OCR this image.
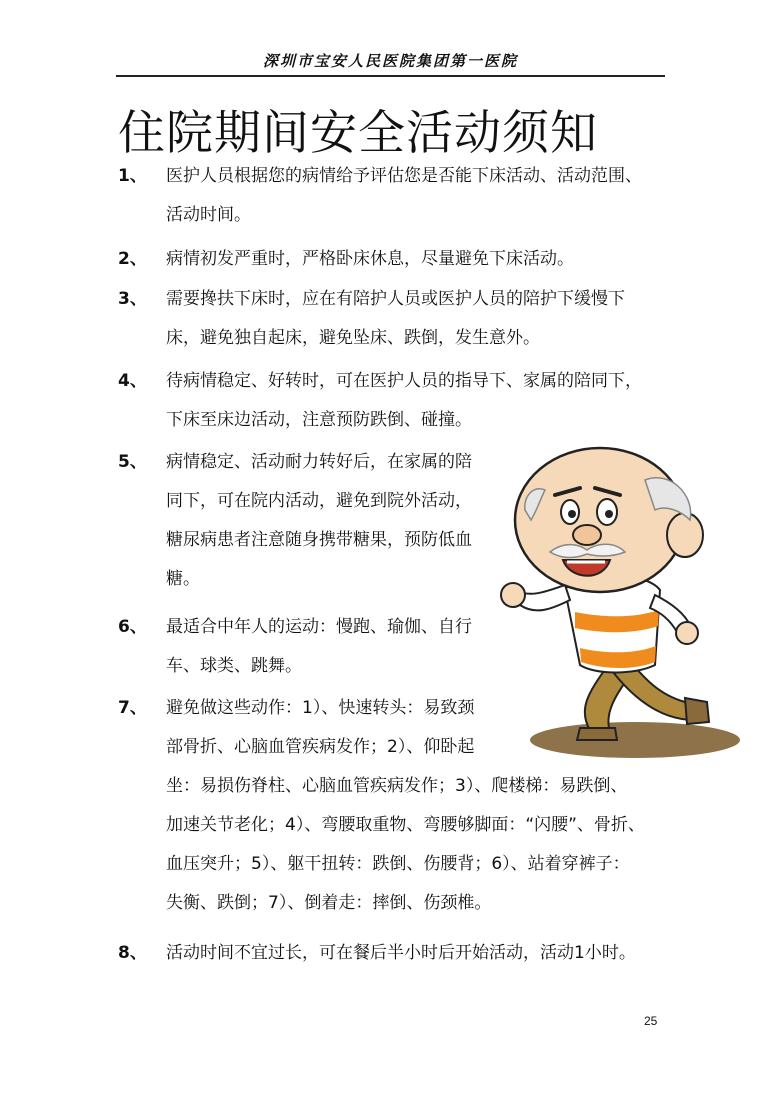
深圳市宝安人民医院集团第一医院
住院期间安全活动须知
1、	医护人员根据您的病情给予评估您是否能下床活动、活动范围、
活动时间。
2、	病情初发严重时，严格卧床休息，尽量避免下床活动。
3、	需要搀扶下床时，应在有陪护人员或医护人员的陪护下缓慢下
床，避免独自起床，避免坠床、跌倒，发生意外。
4、	待病情稳定、好转时，可在医护人员的指导下、家属的陪同下，
下床至床边活动，注意预防跌倒、碰撞。
5、	病情稳定、活动耐力转好后，在家属的陪
同下，可在院内活动，避免到院外活动，
糖尿病患者注意随身携带糖果，预防低血
糖。
6、	最适合中年人的运动：慢跑、瑜伽、自行
车、球类、跳舞。
7、	避免做这些动作：1）、快速转头：易致颈
部骨折、心脑血管疾病发作；2）、仰卧起
坐：易损伤脊柱、心脑血管疾病发作；3）、爬楼梯：易跌倒、
加速关节老化；4）、弯腰取重物、弯腰够脚面：“闪腰”、骨折、
血压突升；5）、躯干扭转：跌倒、伤腰背；6）、站着穿裤子：
失衡、跌倒；7）、倒着走：摔倒、伤颈椎。
8、	活动时间不宜过长，可在餐后半小时后开始活动，活动1小时。
25
